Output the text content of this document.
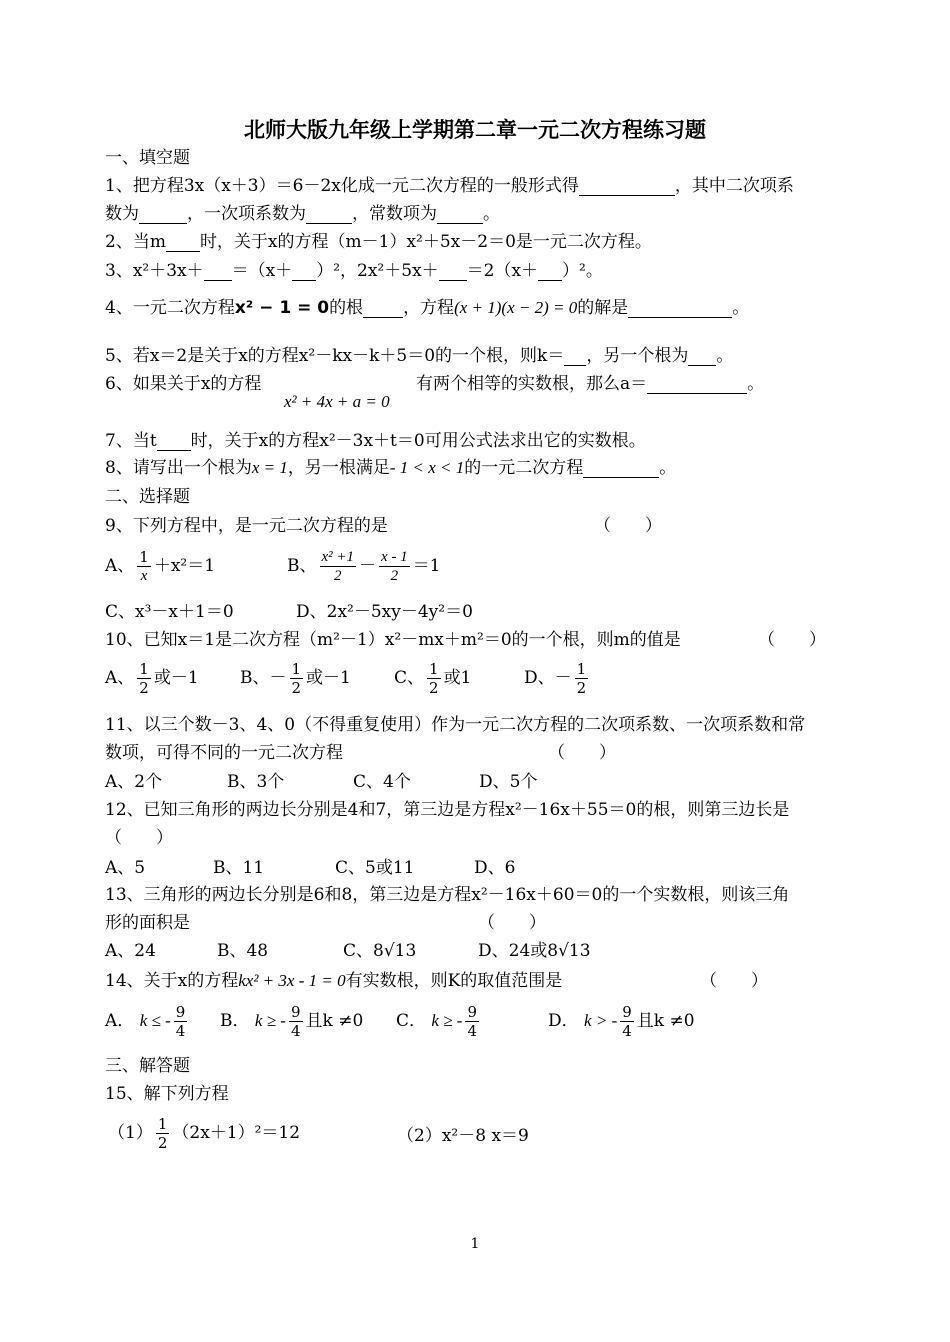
北师大版九年级上学期第二章一元二次方程练习题
一、填空题
1、把方程3x（x＋3）＝6－2x化成一元二次方程的一般形式得	，其中二次项系
数为	，一次项系数为	，常数项为	。
2、当m 时，关于x的方程（m－1）x²＋5x－2＝0是一元二次方程。
3、x²＋3x＋ ＝（x＋ ）²，2x²＋5x＋ ＝2（x＋ ）²。
4、一元二次方程x² − 1 = 0的根 ，方程(x + 1)(x − 2) = 0的解是	。
5、若x＝2是关于x的方程x²－kx－k＋5＝0的一个根，则k＝ ，另一个根为 。
6、如果关于x的方程
x² + 4x + a = 0
有两个相等的实数根，那么a＝	。
7、当t 时，关于x的方程x²－3x＋t＝0可用公式法求出它的实数根。
8、请写出一个根为x = 1，另一根满足- 1 < x < 1的一元二次方程	。
二、选择题
9、下列方程中，是一元二次方程的是	（　　）
A、 $\frac{1}{x} +x^2=1$	B、 $\frac{\text{x² +1}}{2} - \frac{x - 1}{2} =1$
C、x³－x＋1＝0	D、2x²－5xy－4y²＝0
10、已知x＝1是二次方程（m²－1）x²－mx＋m²＝0的一个根，则m的值是	（　　）
A、 $\frac{1}{2}$ 或－1 B、－ $\frac{1}{2}$ 或－1	C、 $\frac{1}{2}$ 或1	D、－ $\frac{1}{2}$
11、以三个数－3、4、0（不得重复使用）作为一元二次方程的二次项系数、一次项系数和常
数项，可得不同的一元二次方程	（　　）
A、2个	B、3个	C、4个	D、5个
12、已知三角形的两边长分别是4和7，第三边是方程x²－16x＋55＝0的根，则第三边长是
（　　）
A、5	B、11	C、5或11	D、6
13、三角形的两边长分别是6和8，第三边是方程x²－16x＋60＝0的一个实数根，则该三角
形的面积是	（　　）
A、24	B、48	C、8√13	D、24或8√13
14、关于x的方程kx² + 3x - 1 = 0有实数根，则K的取值范围是	（　　）
A． k ≤ - $\frac{9}{4}$ B． k ≥ - $\frac{9}{4}$ 且k ≠0 C． k ≥ - $\frac{9}{4}$	D． k > - $\frac{9}{4}$ 且k ≠0
三、解答题
15、解下列方程
$(1) \frac{1}{2} (2x+1)^2=12$	（2）x²－8 x＝9
1
